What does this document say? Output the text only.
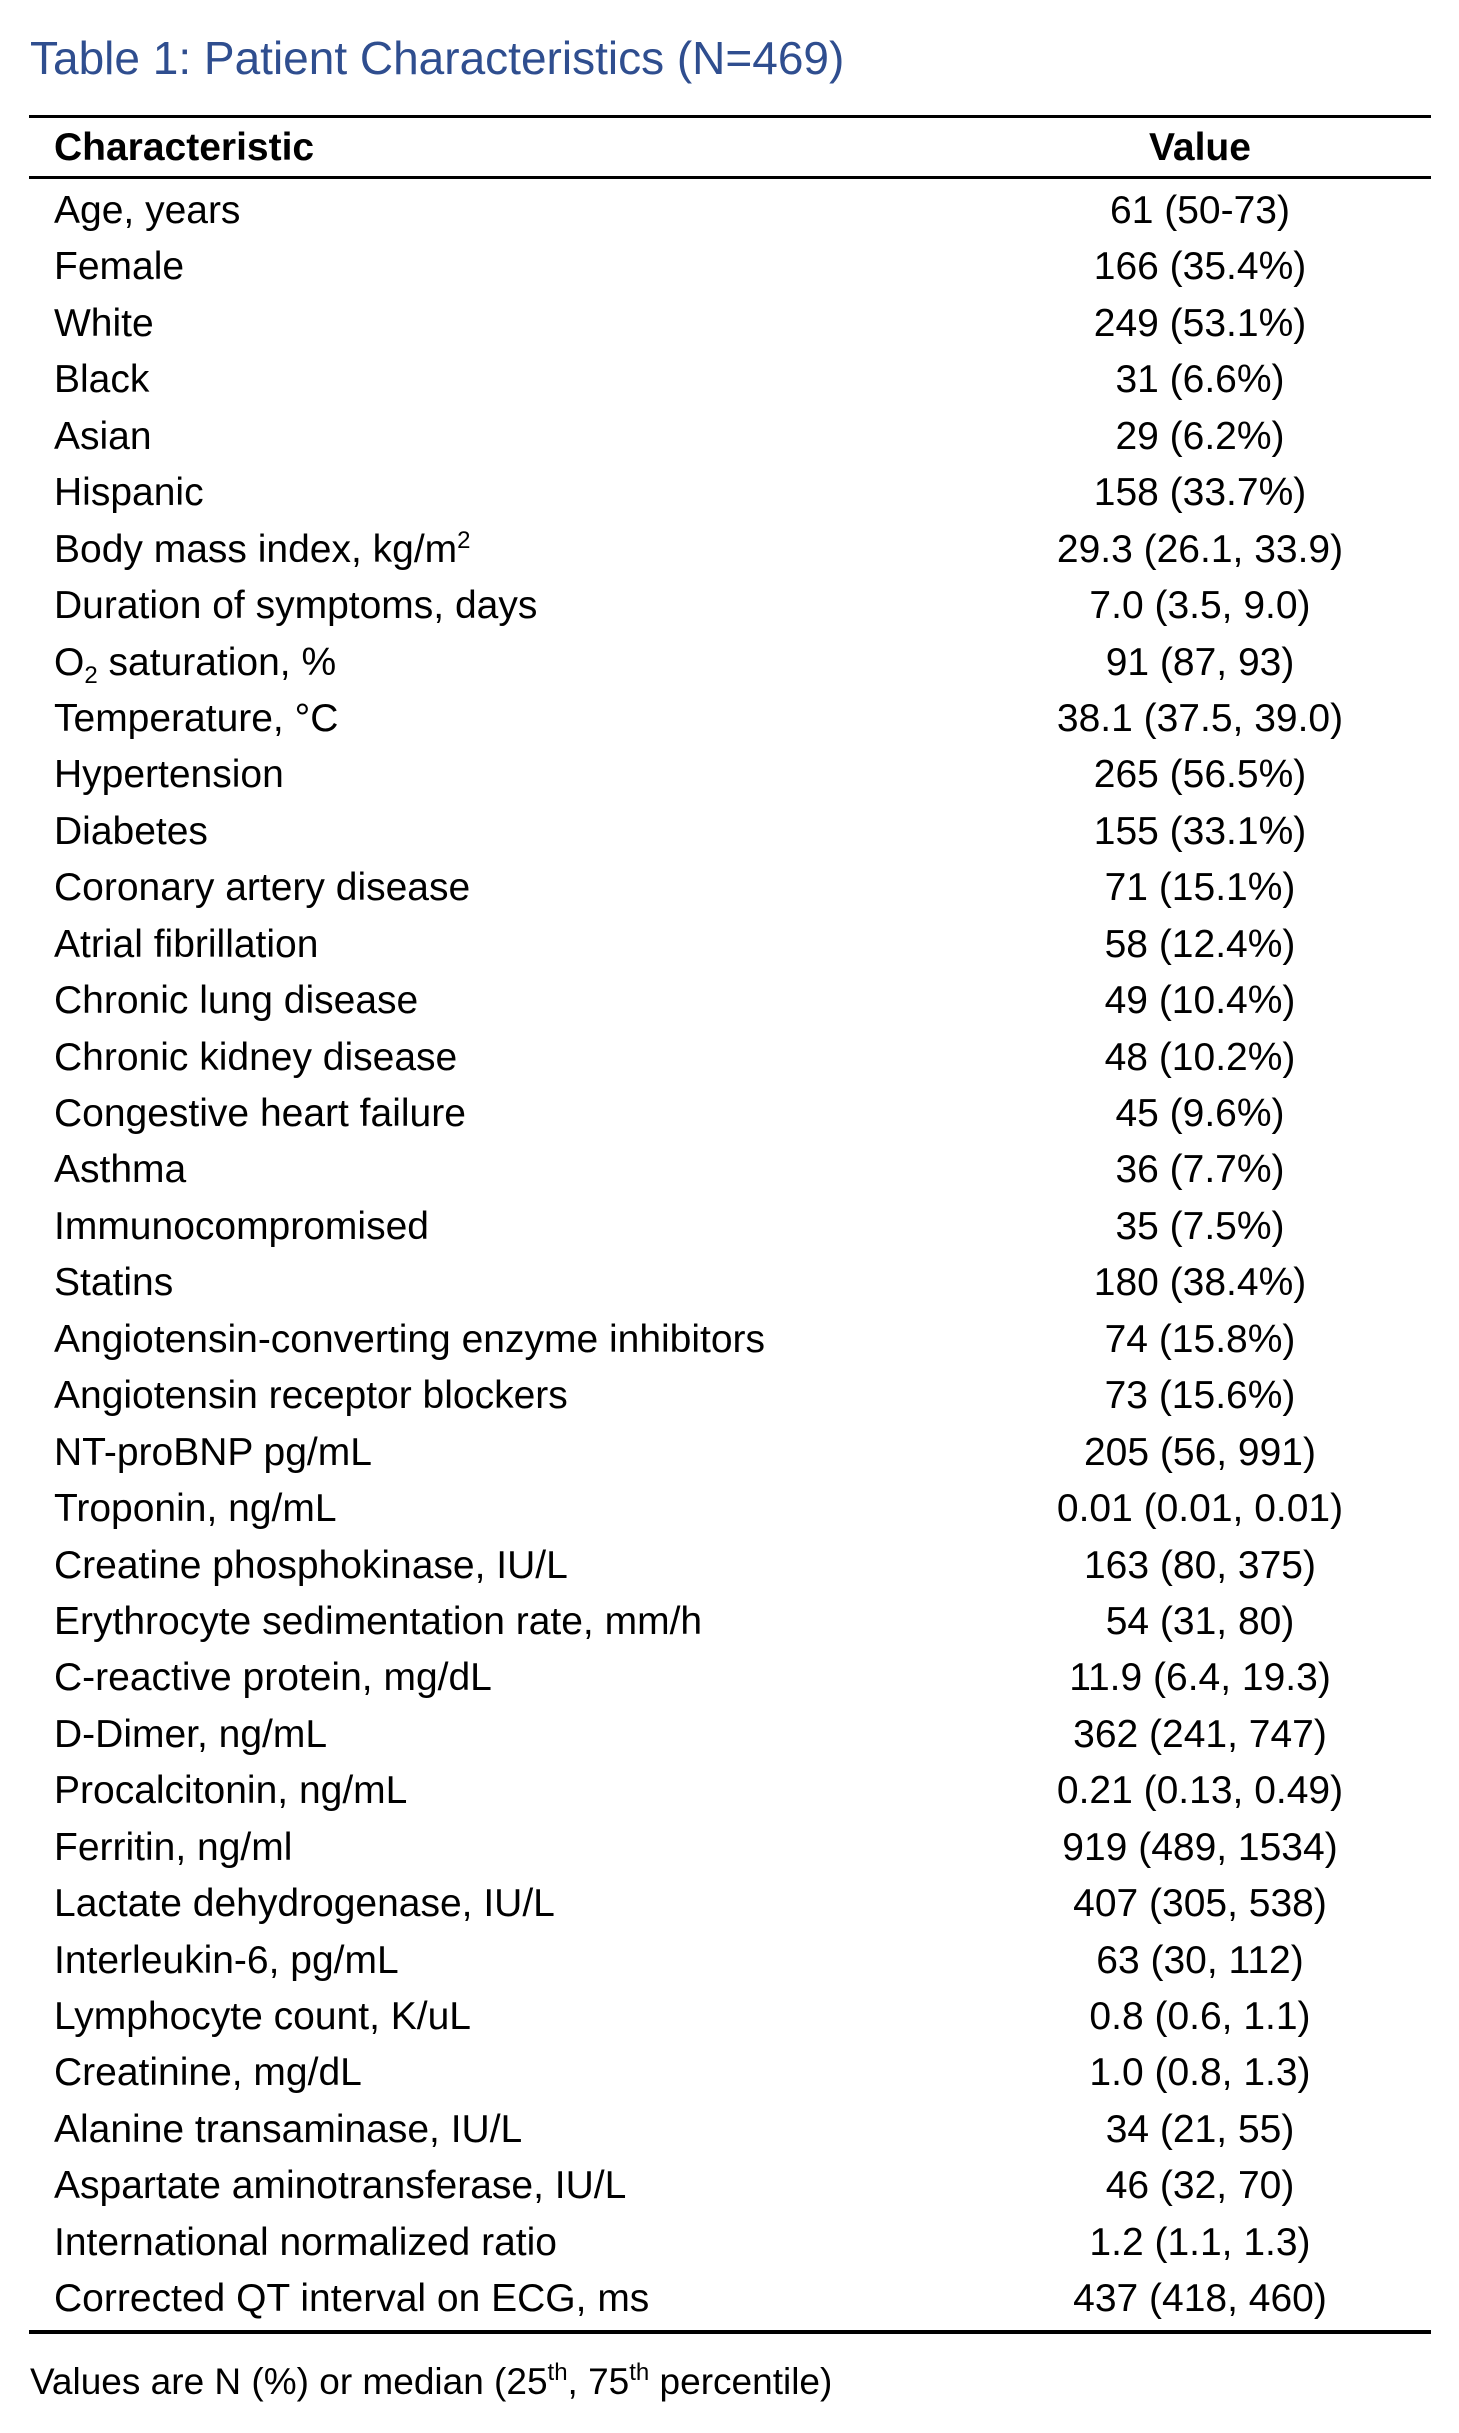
Table 1: Patient Characteristics (N=469)
Characteristic	Value
Age, years	61 (50-73)
Female	166 (35.4%)
White	249 (53.1%)
Black	31 (6.6%)
Asian	29 (6.2%)
Hispanic	158 (33.7%)
Body mass index, $kg/m^2$	29.3 (26.1, 33.9)
Duration of symptoms, days	7.0 (3.5, 9.0)
$O_2$ saturation, %	91 (87, 93)
Temperature, °C	38.1 (37.5, 39.0)
Hypertension	265 (56.5%)
Diabetes	155 (33.1%)
Coronary artery disease	71 (15.1%)
Atrial fibrillation	58 (12.4%)
Chronic lung disease	49 (10.4%)
Chronic kidney disease	48 (10.2%)
Congestive heart failure	45 (9.6%)
Asthma	36 (7.7%)
Immunocompromised	35 (7.5%)
Statins	180 (38.4%)
Angiotensin-converting enzyme inhibitors	74 (15.8%)
Angiotensin receptor blockers	73 (15.6%)
NT-proBNP pg/mL	205 (56, 991)
Troponin, ng/mL	0.01 (0.01, 0.01)
Creatine phosphokinase, IU/L	163 (80, 375)
Erythrocyte sedimentation rate, mm/h	54 (31, 80)
C-reactive protein, mg/dL	11.9 (6.4, 19.3)
D-Dimer, ng/mL	362 (241, 747)
Procalcitonin, ng/mL	0.21 (0.13, 0.49)
Ferritin, ng/ml	919 (489, 1534)
Lactate dehydrogenase, IU/L	407 (305, 538)
Interleukin-6, pg/mL	63 (30, 112)
Lymphocyte count, K/uL	0.8 (0.6, 1.1)
Creatinine, mg/dL	1.0 (0.8, 1.3)
Alanine transaminase, IU/L	34 (21, 55)
Aspartate aminotransferase, IU/L	46 (32, 70)
International normalized ratio	1.2 (1.1, 1.3)
Corrected QT interval on ECG, ms	437 (418, 460)
Values are N (%) or median (25th, 75th percentile)
